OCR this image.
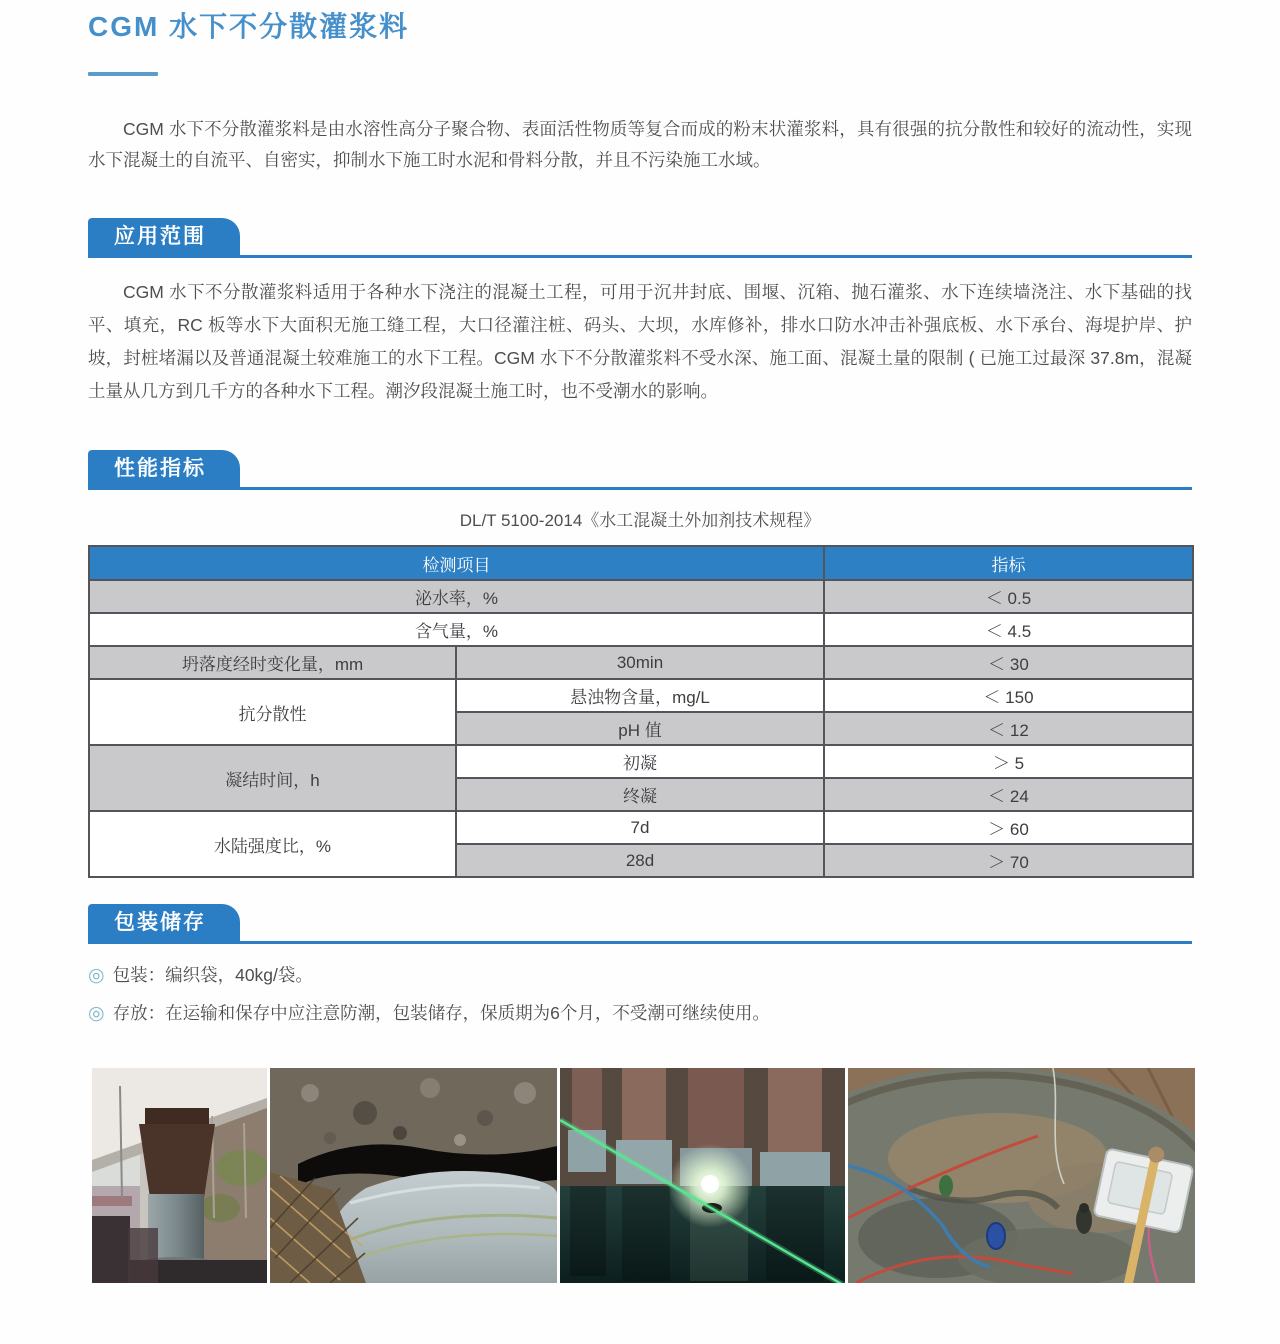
CGM 水下不分散灌浆料

CGM 水下不分散灌浆料是由水溶性高分子聚合物、表面活性物质等复合而成的粉末状灌浆料，具有很强的抗分散性和较好的流动性，实现水下混凝土的自流平、自密实，抑制水下施工时水泥和骨料分散，并且不污染施工水域。

应用范围

CGM 水下不分散灌浆料适用于各种水下浇注的混凝土工程，可用于沉井封底、围堰、沉箱、抛石灌浆、水下连续墙浇注、水下基础的找平、填充，RC 板等水下大面积无施工缝工程，大口径灌注桩、码头、大坝，水库修补，排水口防水冲击补强底板、水下承台、海堤护岸、护坡，封桩堵漏以及普通混凝土较难施工的水下工程。CGM 水下不分散灌浆料不受水深、施工面、混凝土量的限制 ( 已施工过最深 37.8m，混凝土量从几方到几千方的各种水下工程。潮汐段混凝土施工时，也不受潮水的影响。

性能指标
DL/T 5100-2014《水工混凝土外加剂技术规程》
检测项目		指标
泌水率，%		＜ 0.5
含气量，%		＜ 4.5
坍落度经时变化量，mm	30min	＜ 30
抗分散性	悬浊物含量，mg/L	＜ 150
	pH 值	＜ 12
凝结时间，h	初凝	＞ 5
	终凝	＜ 24
水陆强度比，%	7d	＞ 60
	28d	＞ 70
包装储存
◎ 包装：编织袋，40kg/袋。
◎ 存放：在运输和保存中应注意防潮，包装储存，保质期为6个月，不受潮可继续使用。
